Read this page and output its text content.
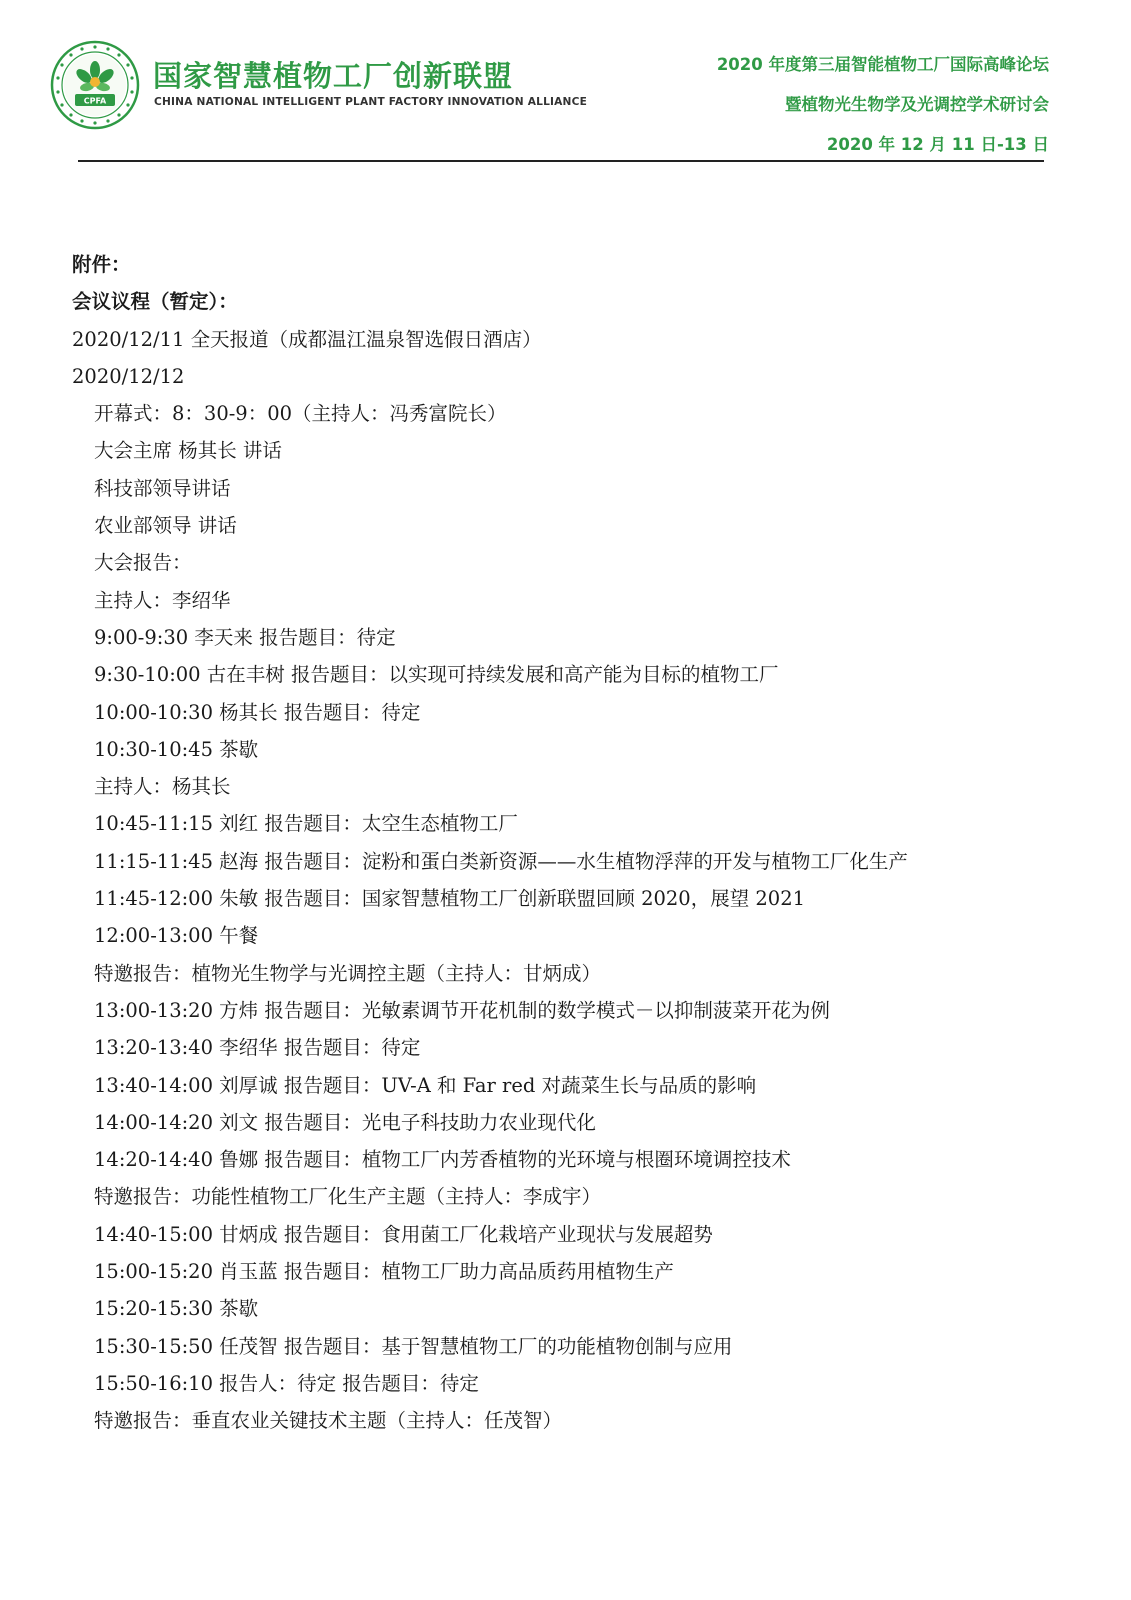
CPFA
国家智慧植物工厂创新联盟
CHINA NATIONAL INTELLIGENT PLANT FACTORY INNOVATION ALLIANCE
2020 年度第三届智能植物工厂国际高峰论坛
暨植物光生物学及光调控学术研讨会
2020 年 12 月 11 日-13 日
附件：
会议议程（暂定）：
2020/12/11 全天报道（成都温江温泉智选假日酒店）
2020/12/12
开幕式：8：30-9：00（主持人：冯秀富院长）
大会主席 杨其长 讲话
科技部领导讲话
农业部领导 讲话
大会报告：
主持人：李绍华
9:00-9:30 李天来 报告题目：待定
9:30-10:00 古在丰树 报告题目：以实现可持续发展和高产能为目标的植物工厂
10:00-10:30 杨其长 报告题目：待定
10:30-10:45 茶歇
主持人：杨其长
10:45-11:15 刘红 报告题目：太空生态植物工厂
11:15-11:45 赵海 报告题目：淀粉和蛋白类新资源——水生植物浮萍的开发与植物工厂化生产
11:45-12:00 朱敏 报告题目：国家智慧植物工厂创新联盟回顾 2020，展望 2021
12:00-13:00 午餐
特邀报告：植物光生物学与光调控主题（主持人：甘炳成）
13:00-13:20 方炜 报告题目：光敏素调节开花机制的数学模式－以抑制菠菜开花为例
13:20-13:40 李绍华 报告题目：待定
13:40-14:00 刘厚诚 报告题目：UV-A 和 Far red 对蔬菜生长与品质的影响
14:00-14:20 刘文 报告题目：光电子科技助力农业现代化
14:20-14:40 鲁娜 报告题目：植物工厂内芳香植物的光环境与根圈环境调控技术
特邀报告：功能性植物工厂化生产主题（主持人：李成宇）
14:40-15:00 甘炳成 报告题目：食用菌工厂化栽培产业现状与发展超势
15:00-15:20 肖玉蓝 报告题目：植物工厂助力高品质药用植物生产
15:20-15:30 茶歇
15:30-15:50 任茂智 报告题目：基于智慧植物工厂的功能植物创制与应用
15:50-16:10 报告人：待定 报告题目：待定
特邀报告：垂直农业关键技术主题（主持人：任茂智）
